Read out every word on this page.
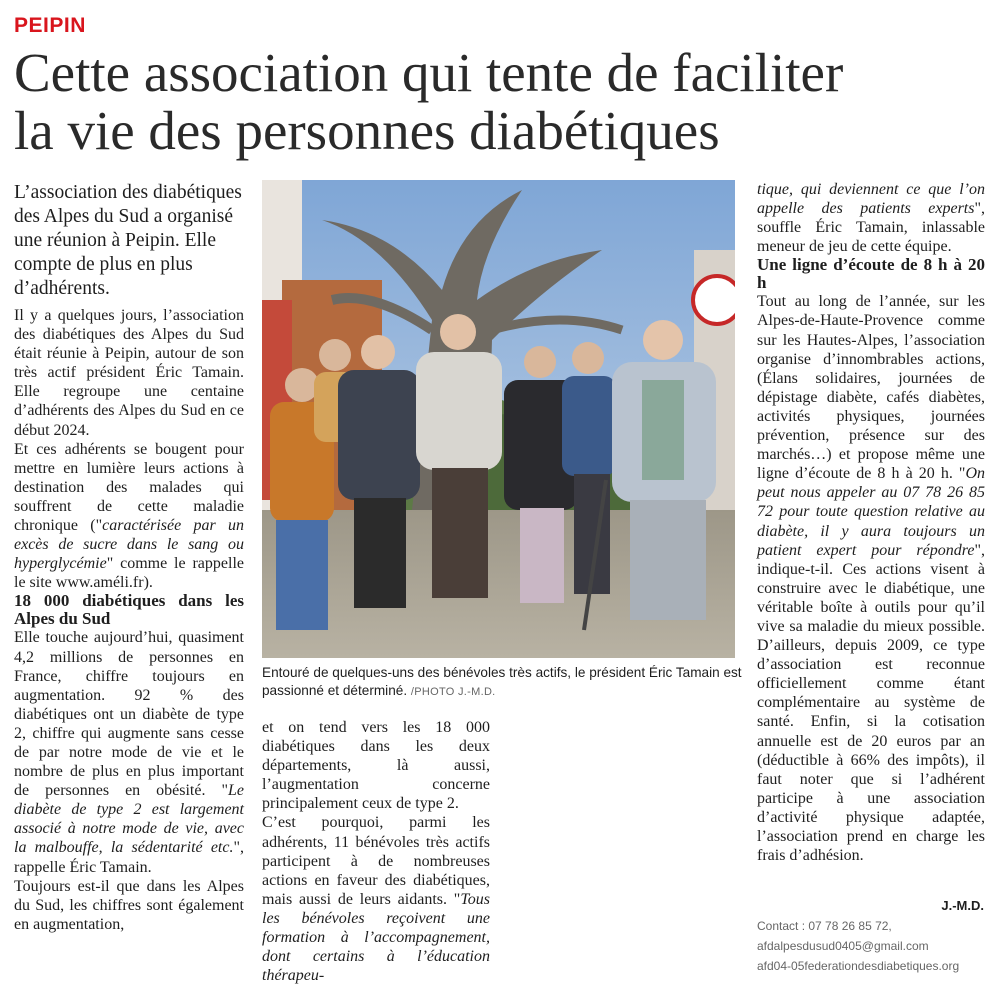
PEIPIN
Cette association qui tente de faciliter
la vie des personnes diabétiques

L’association des diabétiques des Alpes du Sud a organisé une réunion à Peipin. Elle compte de plus en plus d’adhérents.

Il y a quelques jours, l’association des diabétiques des Alpes du Sud était réunie à Peipin, autour de son très actif président Éric Tamain. Elle regroupe une centaine d’adhérents des Alpes du Sud en ce début 2024.

Et ces adhérents se bougent pour mettre en lumière leurs actions à destination des malades qui souffrent de cette maladie chronique ("caractérisée par un excès de sucre dans le sang ou hyperglycémie" comme le rappelle le site www.améli.fr).

18 000 diabétiques dans les Alpes du Sud

Elle touche aujourd’hui, quasiment 4,2 millions de personnes en France, chiffre toujours en augmentation. 92 % des diabétiques ont un diabète de type 2, chiffre qui augmente sans cesse de par notre mode de vie et le nombre de plus en plus important de personnes en obésité. "Le diabète de type 2 est largement associé à notre mode de vie, avec la malbouffe, la sédentarité etc.", rappelle Éric Tamain.

Toujours est-il que dans les Alpes du Sud, les chiffres sont également en augmentation,

Entouré de quelques-uns des bénévoles très actifs, le président Éric Tamain est passionné et déterminé. /PHOTO J.-M.D.

et on tend vers les 18 000 diabétiques dans les deux départements, là aussi, l’augmentation concerne principalement ceux de type 2.

C’est pourquoi, parmi les adhérents, 11 bénévoles très actifs participent à de nombreuses actions en faveur des diabétiques, mais aussi de leurs aidants. "Tous les bénévoles reçoivent une formation à l’accompagnement, dont certains à l’éducation thérapeu-

tique, qui deviennent ce que l’on appelle des patients experts", souffle Éric Tamain, inlassable meneur de jeu de cette équipe.

Une ligne d’écoute de 8 h à 20 h

Tout au long de l’année, sur les Alpes-de-Haute-Provence comme sur les Hautes-Alpes, l’association organise d’innombrables actions, (Élans solidaires, journées de dépistage diabète, cafés diabètes, activités physiques, journées prévention, présence sur des marchés…) et propose même une ligne d’écoute de 8 h à 20 h. "On peut nous appeler au 07 78 26 85 72 pour toute question relative au diabète, il y aura toujours un patient expert pour répondre", indique-t-il. Ces actions visent à construire avec le diabétique, une véritable boîte à outils pour qu’il vive sa maladie du mieux possible. D’ailleurs, depuis 2009, ce type d’association est reconnue officiellement comme étant complémentaire au système de santé. Enfin, si la cotisation annuelle est de 20 euros par an (déductible à 66% des impôts), il faut noter que si l’adhérent participe à une association d’activité physique adaptée, l’association prend en charge les frais d’adhésion.

J.-M.D.
Contact : 07 78 26 85 72,
afdalpesdusud0405@gmail.com
afd04-05federationdesdiabetiques.org
